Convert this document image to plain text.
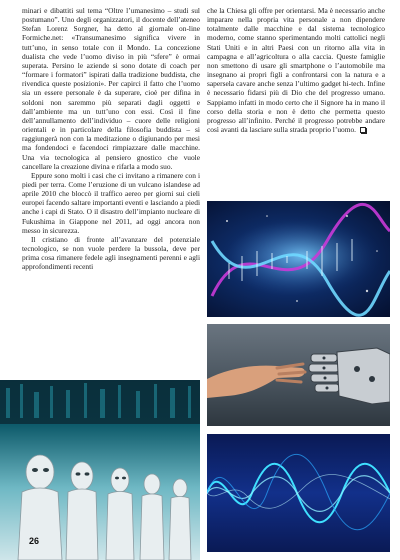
minari e dibattiti sul tema “Oltre l’umanesimo – studi sul postumano”. Uno degli organizzatori, il docente dell’ateneo Stefan Lorenz Sorgner, ha detto al giornale on-line Formiche.net: «Transumanesimo significa vivere in tutt’uno, in senso totale con il Mondo. La concezione dualista che vede l’uomo diviso in più “sfere” è ormai superata. Persino le aziende si sono dotate di coach per “formare i formatori” ispirati dalla tradizione buddista, che rivendica queste posizioni». Per capirci il fatto che l’uomo sia un essere personale è da superare, cioè per difina in soldoni non saremmo più separati dagli oggetti e dall’ambiente ma un tutt’uno con essi. Così il fine dell’annullamento dell’individuo – cuore delle religioni orientali e in particolare della filosofia buddista – si raggiungerà non con la meditazione o digiunando per mesi ma fondendoci e facendoci rimpiazzare dalle macchine. Una via tecnologica al pensiero gnostico che vuole cancellare la creazione divina e rifarla a modo suo.

Eppure sono molti i casi che ci invitano a rimanere con i piedi per terra. Come l’eruzione di un vulcano islandese ad aprile 2010 che bloccò il traffico aereo per giorni sui cieli europei facendo saltare importanti eventi e lasciando a piedi anche i capi di Stato. O il disastro dell’impianto nucleare di Fukushima in Giappone nel 2011, ad oggi ancora non messo in sicurezza.

Il cristiano di fronte all’avanzare del potenziale tecnologico, se non vuole perdere la bussola, deve per prima cosa rimanere fedele agli insegnamenti perenni e agli approfondimenti recenti

che la Chiesa gli offre per orientarsi. Ma è necessario anche imparare nella propria vita personale a non dipendere totalmente dalle macchine e dal sistema tecnologico moderno, come stanno sperimentando molti cattolici negli Stati Uniti e in altri Paesi con un ritorno alla vita in campagna e all’agricoltura o alla caccia. Queste famiglie non smettono di usare gli smartphone o l’automobile ma insegnano ai propri figli a confrontarsi con la natura e a sapersela cavare anche senza l’ultimo gadget hi-tech. Infine è necessario fidarsi più di Dio che del progresso umano. Sappiamo infatti in modo certo che il Signore ha in mano il corso della storia e non è detto che permetta questo progresso all’infinito. Perché il progresso potrebbe andare così avanti da lasciare sulla strada proprio l’uomo.

26
